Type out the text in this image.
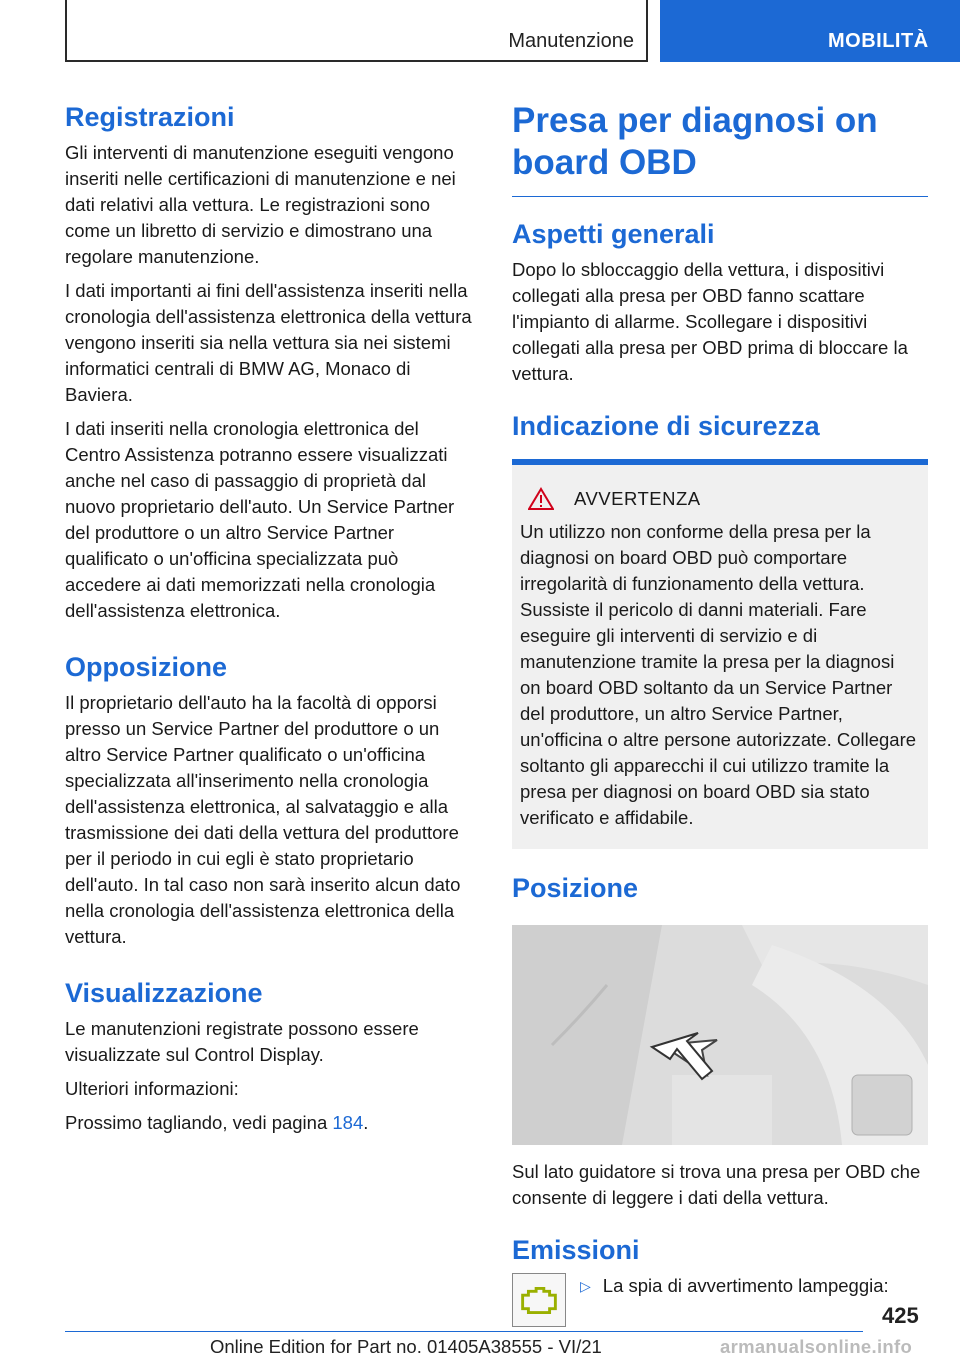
Manutenzione	MOBILITÀ
Registrazioni

Gli interventi di manutenzione eseguiti vengono inseriti nelle certificazioni di manutenzione e nei dati relativi alla vettura. Le registrazioni sono come un libretto di servizio e dimostrano una regolare manutenzione.

I dati importanti ai fini dell'assistenza inseriti nella cronologia dell'assistenza elettronica della vettura vengono inseriti sia nella vettura sia nei sistemi informatici centrali di BMW AG, Monaco di Baviera.

I dati inseriti nella cronologia elettronica del Centro Assistenza potranno essere visualizzati anche nel caso di passaggio di proprietà dal nuovo proprietario dell'auto. Un Service Partner del produttore o un altro Service Partner qualificato o un'officina specializzata può accedere ai dati memorizzati nella cronologia dell'assistenza elettronica.

Opposizione

Il proprietario dell'auto ha la facoltà di opporsi presso un Service Partner del produttore o un altro Service Partner qualificato o un'officina specializzata all'inserimento nella cronologia dell'assistenza elettronica, al salvataggio e alla trasmissione dei dati della vettura del produttore per il periodo in cui egli è stato proprietario dell'auto. In tal caso non sarà inserito alcun dato nella cronologia dell'assistenza elettronica della vettura.

Visualizzazione

Le manutenzioni registrate possono essere visualizzate sul Control Display.

Ulteriori informazioni:

Prossimo tagliando, vedi pagina 184.

Presa per diagnosi on board OBD
Aspetti generali

Dopo lo sbloccaggio della vettura, i dispositivi collegati alla presa per OBD fanno scattare l'impianto di allarme. Scollegare i dispositivi collegati alla presa per OBD prima di bloccare la vettura.

Indicazione di sicurezza
AVVERTENZA

Un utilizzo non conforme della presa per la diagnosi on board OBD può comportare irregolarità di funzionamento della vettura. Sussiste il pericolo di danni materiali. Fare eseguire gli interventi di servizio e di manutenzione tramite la presa per la diagnosi on board OBD soltanto da un Service Partner del produttore, un altro Service Partner, un'officina o altre persone autorizzate. Collegare soltanto gli apparecchi il cui utilizzo tramite la presa per diagnosi on board OBD sia stato verificato e affidabile.

Posizione

Sul lato guidatore si trova una presa per OBD che consente di leggere i dati della vettura.

Emissioni
▷ La spia di avvertimento lampeggia:

425
Online Edition for Part no. 01405A38555 - VI/21	armanualsonline.info
